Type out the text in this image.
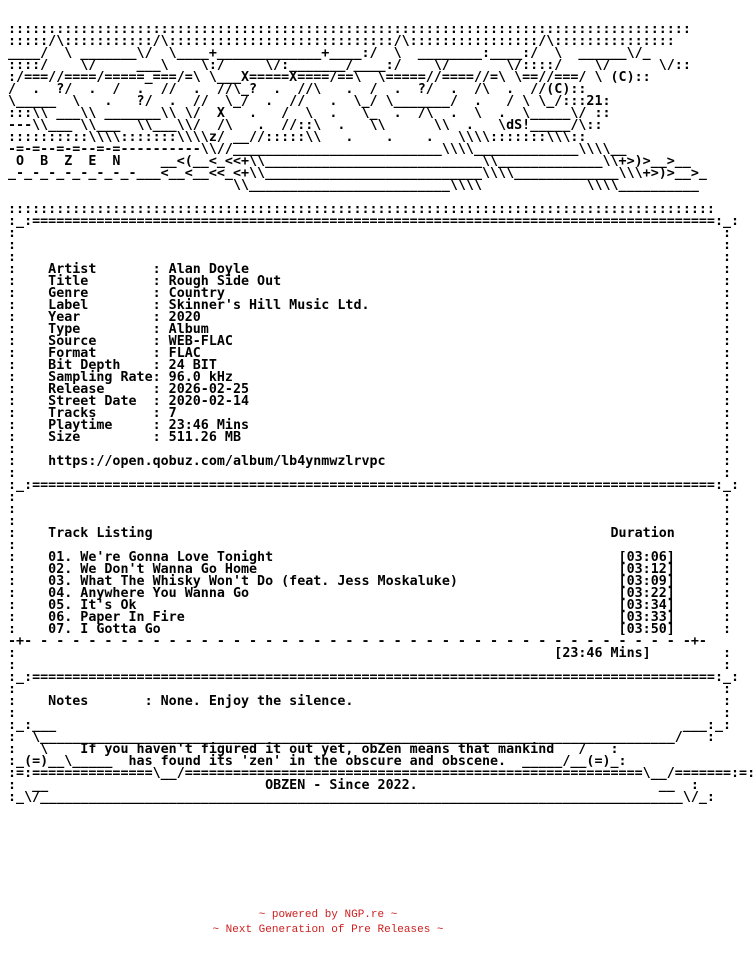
:::::::::::::::::::::::::::::::::::::::::::::::::::::::::::::::::::::::::::::::::::::
:::::/\:::::::::::/\::::::::::::::::::::::::::::/\::::::::::::::::/\:::::::::::::::
____/  \ _______\/  \____+_____________+____:/  \  ________:____:/  \  ______\/_
::::/    \/     ___\    \:/     \/:_______/____:/    \/       \/::::/    \/      \/::
:/===//====/=====_===/=\ \___X=====X====/==\  \=====//====//=\ \==//===/ \ (C)::
/  .  ?/  .  /  .  //  .  //\_?  .  //\   .  /  .  ?/  .  /\  .  //(C)::
\_____  \   .   ?/  .  //  \_/  .  //   .  \_/ \_______/  .   / \ \_/:::21:
:::\\ ___\\ _______\\ \/  X   .   /  \  .   \_  .  /\  .  \  .  \_____\/ ::
---\\___ \\___  \\___\\/  /\   .  //::\  .   \\      \\  .   \dS!_____/\::
::::::::::\\\\:::::::\\\\z/ __//:::::\\   .    .    .   \\\\:::::::\\\::
-=-=--=-=--=-=----------\\//__________________________\\\\_____________\\\\__
O  B  Z  E  N     __<(__<_<<+\\___________________________\\_____________\\+>)>__>__
_-_-_-_-_-_-_-_-___<__<__<<_<+\\___________________________\\\\_____________\\\+>)>__>_
\\_________________________\\\\             \\\\__________

::::::::::::::::::::::::::::::::::::::::::::::::::::::::::::::::::::::::::::::::::::::::
:_:=====================================================================================:_:
:                                                                                        :
:                                                                                        :
:                                                                                        :
:    Artist       : Alan Doyle                                                           :
:    Title        : Rough Side Out                                                       :
:    Genre        : Country                                                              :
:    Label        : Skinner's Hill Music Ltd.                                            :
:    Year         : 2020                                                                 :
:    Type         : Album                                                                :
:    Source       : WEB-FLAC                                                             :
:    Format       : FLAC                                                                 :
:    Bit Depth    : 24 BIT                                                               :
:    Sampling Rate: 96.0 kHz                                                             :
:    Release      : 2026-02-25                                                           :
:    Street Date  : 2020-02-14                                                           :
:    Tracks       : 7                                                                    :
:    Playtime     : 23:46 Mins                                                           :
:    Size         : 511.26 MB                                                            :
:                                                                                        :
:    https://open.qobuz.com/album/lb4ynmwzlrvpc                                          :
:                                                                                        :
:_:=====================================================================================:_:
:                                                                                        :
:                                                                                        :
:                                                                                        :
:    Track Listing                                                         Duration      :
:                                                                                        :
:    01. We're Gonna Love Tonight                                           [03:06]      :
:    02. We Don't Wanna Go Home                                             [03:12]      :
:    03. What The Whisky Won't Do (feat. Jess Moskaluke)                    [03:09]      :
:    04. Anywhere You Wanna Go                                              [03:22]      :
:    05. It's Ok                                                            [03:34]      :
:    06. Paper In Fire                                                      [03:33]      :
:    07. I Gotta Go                                                         [03:50]      :
-+- - - - - - - - - - - - - - - - - - - - - - - - - - - - - - - - - - - - - - - - - -+-
:                                                                   [23:46 Mins]         :
:                                                                                        :
:_:=====================================================================================:_:
:                                                                                        :
:    Notes       : None. Enjoy the silence.                                              :
:                                                                                        :
:_:___                                                                              ___:_:
:  \_______________________________________________________________________________/   :
:   \    If you haven't figured it out yet, obZen means that mankind   /   :
:_(=)__\_____  has found its 'zen' in the obscure and obscene.  _____/__(=)_:
:=:===============\__/=========================================================\__/=======:=:
:  __                           OBZEN - Since 2022.                              __  :
:_\/________________________________________________________________________________\/_:
~ powered by NGP.re ~
~ Next Generation of Pre Releases ~
